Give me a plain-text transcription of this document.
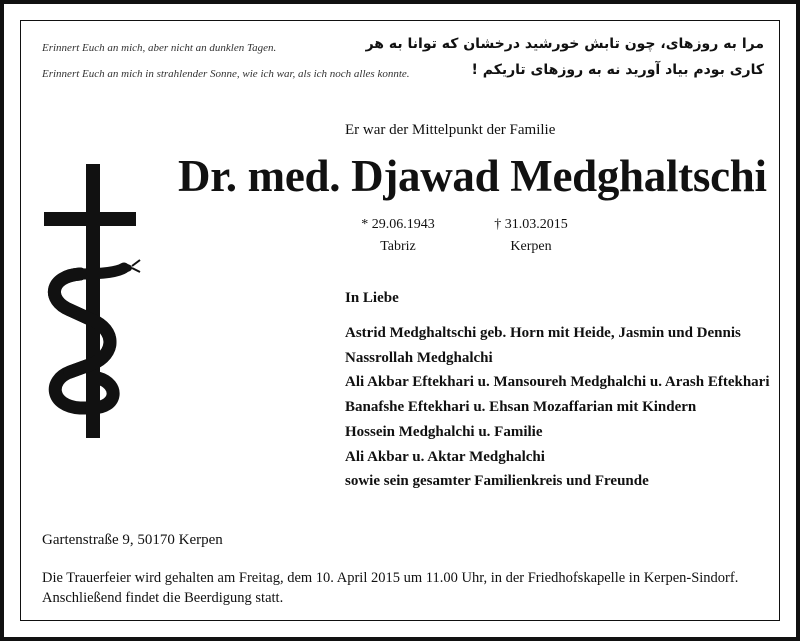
Erinnert Euch an mich, aber nicht an dunklen Tagen.
Erinnert Euch an mich in strahlender Sonne, wie ich war, als ich noch alles konnte.
مرا به روزهای، چون تابش خورشید درخشان که توانا به هر
کاری بودم بیاد آورید نه به روزهای تاریکم !
Er war der Mittelpunkt der Familie
Dr. med. Djawad Medghaltschi
* 29.06.1943
Tabriz
† 31.03.2015
Kerpen
In Liebe
Astrid Medghaltschi geb. Horn mit Heide, Jasmin und Dennis
Nassrollah Medghalchi
Ali Akbar Eftekhari u. Mansoureh Medghalchi u. Arash Eftekhari
Banafshe Eftekhari u. Ehsan Mozaffarian mit Kindern
Hossein Medghalchi u. Familie
Ali Akbar u. Aktar Medghalchi
sowie sein gesamter Familienkreis und Freunde
Gartenstraße 9, 50170 Kerpen
Die Trauerfeier wird gehalten am Freitag, dem 10. April 2015 um 11.00 Uhr, in der Friedhofskapelle in Kerpen-Sindorf. Anschließend findet die Beerdigung statt.
